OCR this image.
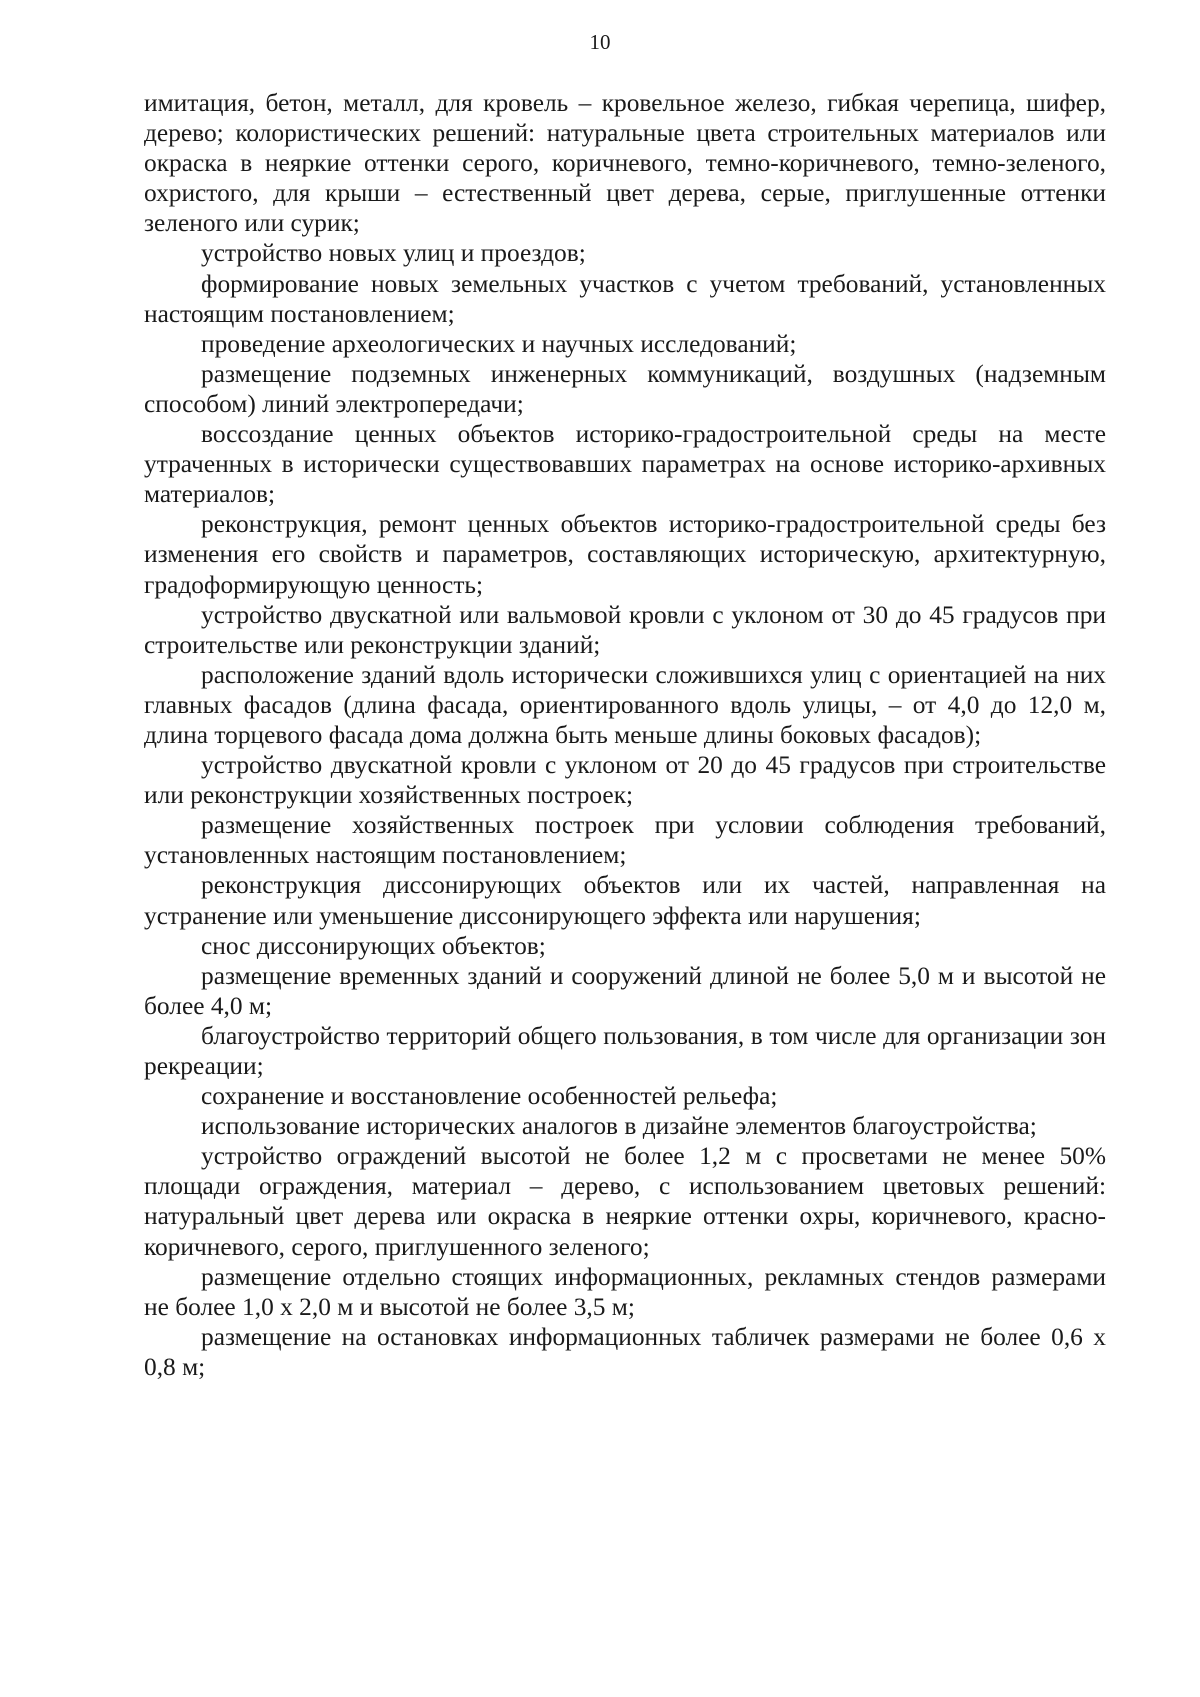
10

имитация, бетон, металл, для кровель – кровельное железо, гибкая черепица, шифер, дерево; колористических решений: натуральные цвета строительных материалов или окраска в неяркие оттенки серого, коричневого, темно-коричневого, темно-зеленого, охристого, для крыши – естественный цвет дерева, серые, приглушенные оттенки зеленого или сурик;

устройство новых улиц и проездов;

формирование новых земельных участков с учетом требований, установленных настоящим постановлением;

проведение археологических и научных исследований;

размещение подземных инженерных коммуникаций, воздушных (надземным способом) линий электропередачи;

воссоздание ценных объектов историко-градостроительной среды на месте утраченных в исторически существовавших параметрах на основе историко-архивных материалов;

реконструкция, ремонт ценных объектов историко-градостроительной среды без изменения его свойств и параметров, составляющих историческую, архитектурную, градоформирующую ценность;

устройство двускатной или вальмовой кровли с уклоном от 30 до 45 градусов при строительстве или реконструкции зданий;

расположение зданий вдоль исторически сложившихся улиц с ориентацией на них главных фасадов (длина фасада, ориентированного вдоль улицы, – от 4,0 до 12,0 м, длина торцевого фасада дома должна быть меньше длины боковых фасадов);

устройство двускатной кровли с уклоном от 20 до 45 градусов при строительстве или реконструкции хозяйственных построек;

размещение хозяйственных построек при условии соблюдения требований, установленных настоящим постановлением;

реконструкция диссонирующих объектов или их частей, направленная на устранение или уменьшение диссонирующего эффекта или нарушения;

снос диссонирующих объектов;

размещение временных зданий и сооружений длиной не более 5,0 м и высотой не более 4,0 м;

благоустройство территорий общего пользования, в том числе для организации зон рекреации;

сохранение и восстановление особенностей рельефа;

использование исторических аналогов в дизайне элементов благоустройства;

устройство ограждений высотой не более 1,2 м с просветами не менее 50% площади ограждения, материал – дерево, с использованием цветовых решений: натуральный цвет дерева или окраска в неяркие оттенки охры, коричневого, красно-коричневого, серого, приглушенного зеленого;

размещение отдельно стоящих информационных, рекламных стендов размерами не более 1,0 х 2,0 м и высотой не более 3,5 м;

размещение на остановках информационных табличек размерами не более 0,6 х 0,8 м;
